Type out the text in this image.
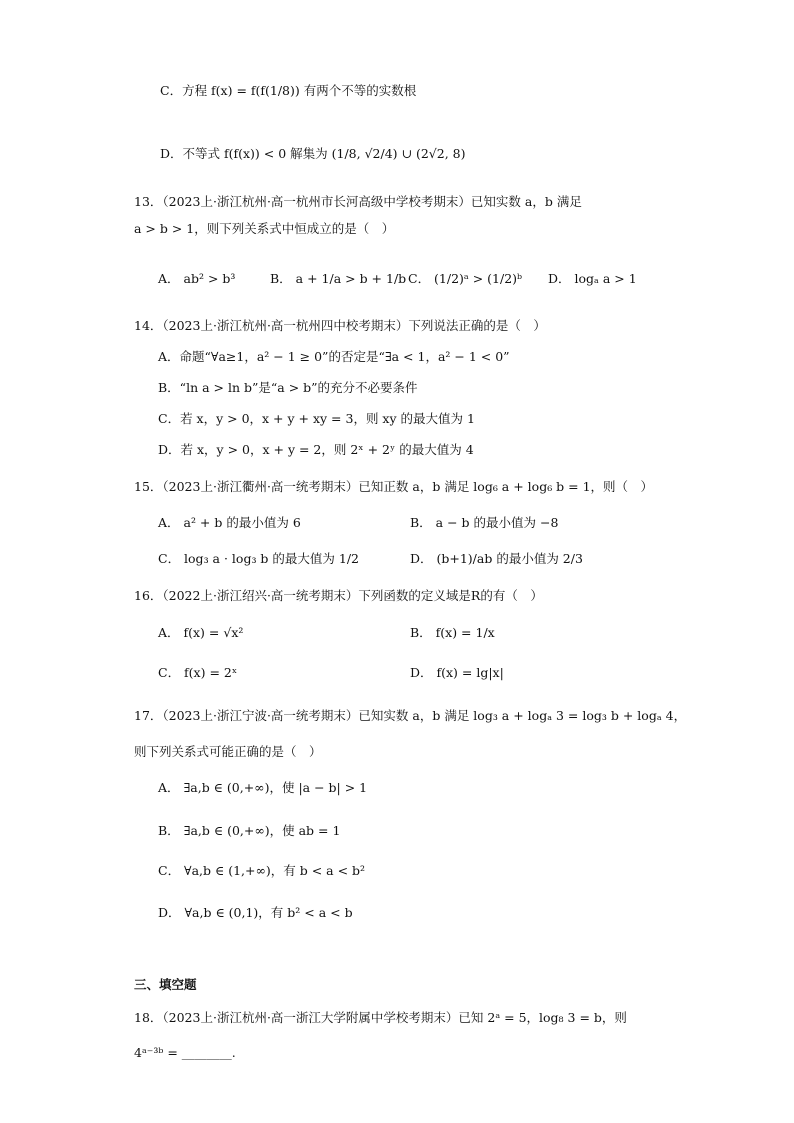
C．方程 f(x) = f(f(1/8)) 有两个不等的实数根
D．不等式 f(f(x)) < 0 解集为 (1/8, √2/4) ∪ (2√2, 8)
13．（2023上·浙江杭州·高一杭州市长河高级中学校考期末）已知实数 a，b 满足
a > b > 1，则下列关系式中恒成立的是（　）
A． ab² > b³	B． a + 1/a > b + 1/b C． (1/2)ᵃ > (1/2)ᵇ D． logₐ a > 1
14．（2023上·浙江杭州·高一杭州四中校考期末）下列说法正确的是（　）
A．命题“∀a≥1，a² − 1 ≥ 0”的否定是“∃a < 1，a² − 1 < 0”
B．“ln a > ln b”是“a > b”的充分不必要条件
C．若 x，y > 0，x + y + xy = 3，则 xy 的最大值为 1
D．若 x，y > 0，x + y = 2，则 2ˣ + 2ʸ 的最大值为 4
15．（2023上·浙江衢州·高一统考期末）已知正数 a，b 满足 log₆ a + log₆ b = 1，则（　）
A． a² + b 的最小值为 6	B． a − b 的最小值为 −8
C． log₃ a · log₃ b 的最大值为 1/2	D． (b+1)/ab 的最小值为 2/3
16．（2022上·浙江绍兴·高一统考期末）下列函数的定义域是R的有（　）
A． f(x) = √x²	B． f(x) = 1/x
C． f(x) = 2ˣ	D． f(x) = lg|x|
17．（2023上·浙江宁波·高一统考期末）已知实数 a，b 满足 log₃ a + logₐ 3 = log₃ b + logₐ 4，
则下列关系式可能正确的是（　）
A． ∃a,b ∈ (0,+∞)，使 |a − b| > 1
B． ∃a,b ∈ (0,+∞)，使 ab = 1
C． ∀a,b ∈ (1,+∞)，有 b < a < b²
D． ∀a,b ∈ (0,1)，有 b² < a < b
三、填空题
18．（2023上·浙江杭州·高一浙江大学附属中学校考期末）已知 2ᵃ = 5，log₈ 3 = b，则
4ᵃ⁻³ᵇ = ________.
